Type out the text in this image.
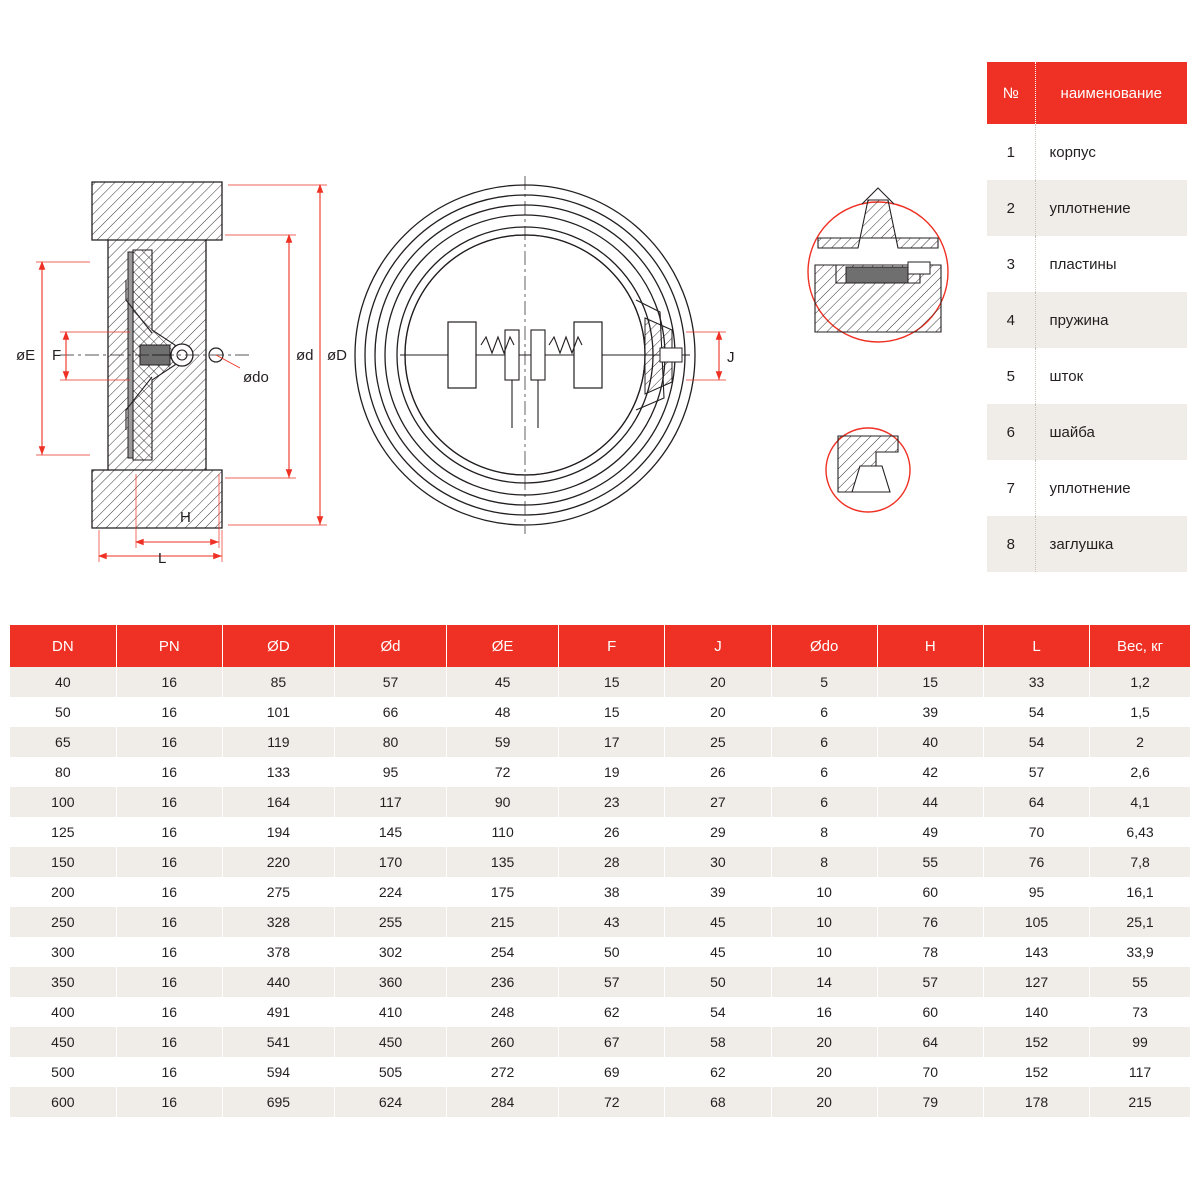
øE F
ødo
ød øD
H
L
J
№	наименование
1	корпус
2	уплотнение
3	пластины
4	пружина
5	шток
6	шайба
7	уплотнение
8	заглушка
DN	PN	ØD	Ød	ØE	F	J	Ødo	H	L	Вес, кг
40	16	85	57	45	15	20	5	15	33	1,2
50	16	101	66	48	15	20	6	39	54	1,5
65	16	119	80	59	17	25	6	40	54	2
80	16	133	95	72	19	26	6	42	57	2,6
100	16	164	117	90	23	27	6	44	64	4,1
125	16	194	145	110	26	29	8	49	70	6,43
150	16	220	170	135	28	30	8	55	76	7,8
200	16	275	224	175	38	39	10	60	95	16,1
250	16	328	255	215	43	45	10	76	105	25,1
300	16	378	302	254	50	45	10	78	143	33,9
350	16	440	360	236	57	50	14	57	127	55
400	16	491	410	248	62	54	16	60	140	73
450	16	541	450	260	67	58	20	64	152	99
500	16	594	505	272	69	62	20	70	152	117
600	16	695	624	284	72	68	20	79	178	215
